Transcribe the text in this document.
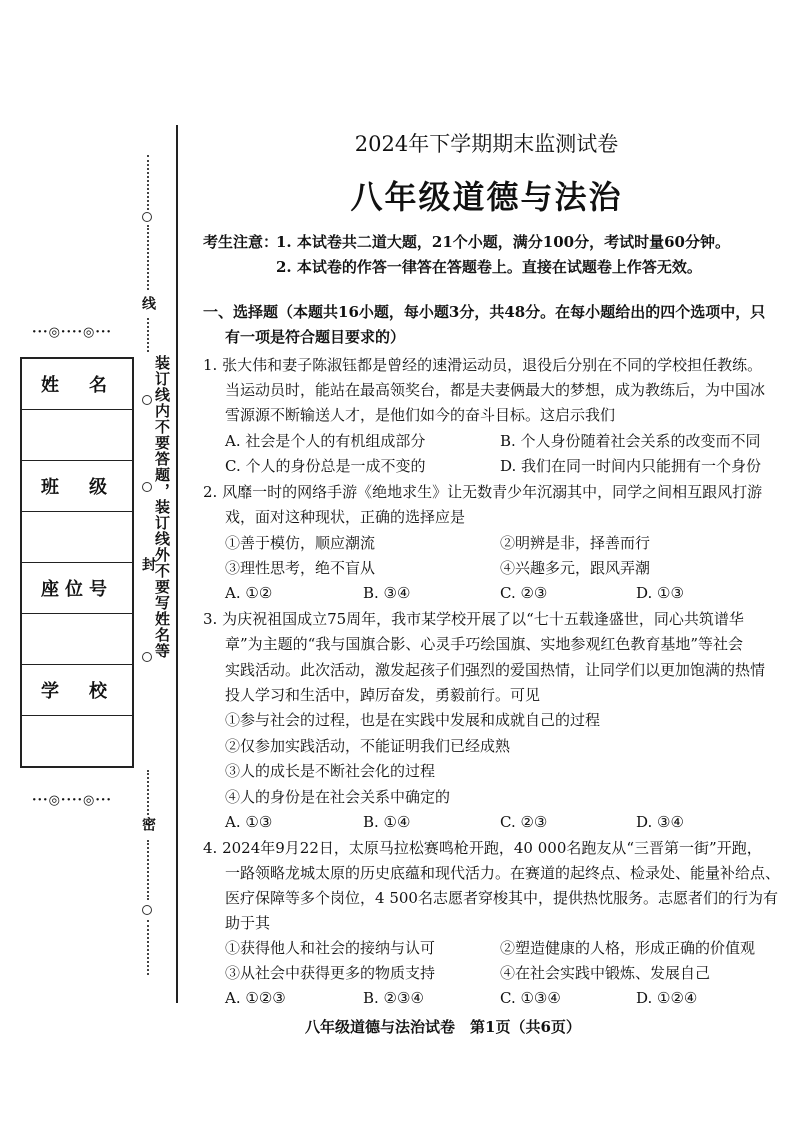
线
装订线内不要答题，装订线外不要写姓名等
封
密
···◎····◎···
···◎····◎···
姓　名
班　级
座位号
学　校
2024年下学期期末监测试卷
八年级道德与法治
考生注意：
1. 本试卷共二道大题，21个小题，满分100分，考试时量60分钟。
2. 本试卷的作答一律答在答题卷上。直接在试题卷上作答无效。
一、选择题（本题共16小题，每小题3分，共48分。在每小题给出的四个选项中，只
有一项是符合题目要求的）
1. 张大伟和妻子陈淑钰都是曾经的速滑运动员，退役后分别在不同的学校担任教练。
当运动员时，能站在最高领奖台，都是夫妻俩最大的梦想，成为教练后，为中国冰
雪源源不断输送人才，是他们如今的奋斗目标。这启示我们
A. 社会是个人的有机组成部分	B. 个人身份随着社会关系的改变而不同
C. 个人的身份总是一成不变的	D. 我们在同一时间内只能拥有一个身份
2. 风靡一时的网络手游《绝地求生》让无数青少年沉溺其中，同学之间相互跟风打游
戏，面对这种现状，正确的选择应是
①善于模仿，顺应潮流	②明辨是非，择善而行
③理性思考，绝不盲从	④兴趣多元，跟风弄潮
A. ①②	B. ③④	C. ②③	D. ①③
3. 为庆祝祖国成立75周年，我市某学校开展了以“七十五载逢盛世，同心共筑谱华
章”为主题的“我与国旗合影、心灵手巧绘国旗、实地参观红色教育基地”等社会
实践活动。此次活动，激发起孩子们强烈的爱国热情，让同学们以更加饱满的热情
投人学习和生活中，踔厉奋发，勇毅前行。可见
①参与社会的过程，也是在实践中发展和成就自己的过程
②仅参加实践活动，不能证明我们已经成熟
③人的成长是不断社会化的过程
④人的身份是在社会关系中确定的
A. ①③	B. ①④	C. ②③	D. ③④
4. 2024年9月22日，太原马拉松赛鸣枪开跑，40 000名跑友从“三晋第一街”开跑，
一路领略龙城太原的历史底蕴和现代活力。在赛道的起终点、检录处、能量补给点、
医疗保障等多个岗位，4 500名志愿者穿梭其中，提供热忱服务。志愿者们的行为有
助于其
①获得他人和社会的接纳与认可	②塑造健康的人格，形成正确的价值观
③从社会中获得更多的物质支持	④在社会实践中锻炼、发展自己
A. ①②③	B. ②③④	C. ①③④	D. ①②④
八年级道德与法治试卷　第1页（共6页）
